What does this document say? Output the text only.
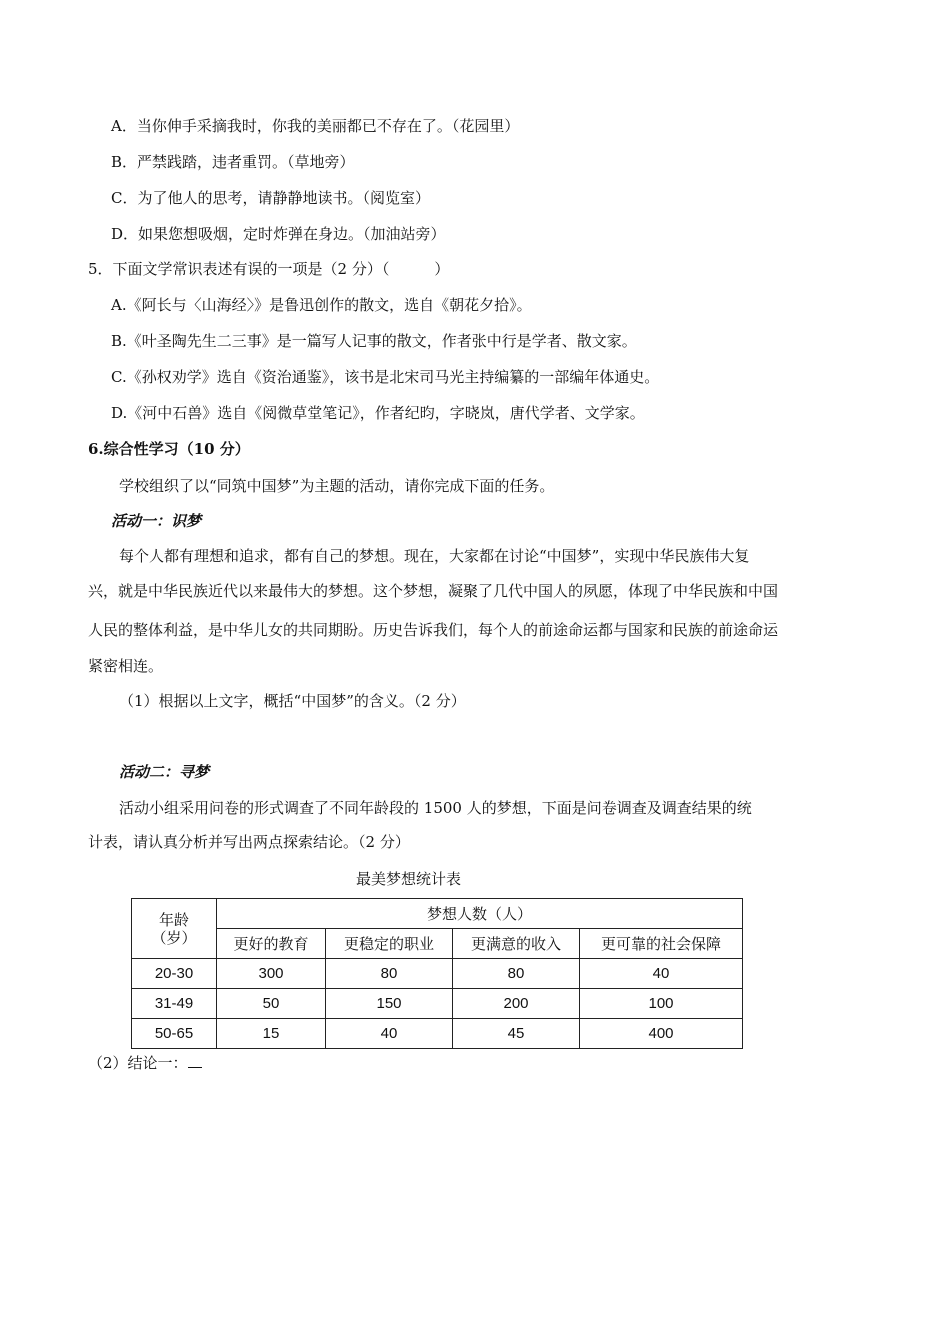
A．当你伸手采摘我时，你我的美丽都已不存在了。（花园里）
B．严禁践踏，违者重罚。（草地旁）
C．为了他人的思考，请静静地读书。（阅览室）
D．如果您想吸烟，定时炸弹在身边。（加油站旁）
5．下面文学常识表述有误的一项是（2 分）（　　　）
A.《阿长与〈山海经〉》是鲁迅创作的散文，选自《朝花夕拾》。
B.《叶圣陶先生二三事》是一篇写人记事的散文，作者张中行是学者、散文家。
C.《孙权劝学》选自《资治通鉴》，该书是北宋司马光主持编纂的一部编年体通史。
D.《河中石兽》选自《阅微草堂笔记》，作者纪昀，字晓岚，唐代学者、文学家。
6.综合性学习（10 分）
学校组织了以“同筑中国梦”为主题的活动，请你完成下面的任务。
活动一：识梦
每个人都有理想和追求，都有自己的梦想。现在，大家都在讨论“中国梦”，实现中华民族伟大复
兴，就是中华民族近代以来最伟大的梦想。这个梦想，凝聚了几代中国人的夙愿，体现了中华民族和中国
人民的整体利益，是中华儿女的共同期盼。历史告诉我们，每个人的前途命运都与国家和民族的前途命运
紧密相连。
（1）根据以上文字，概括“中国梦”的含义。（2 分）
活动二：寻梦
活动小组采用问卷的形式调查了不同年龄段的 1500 人的梦想，下面是问卷调查及调查结果的统
计表，请认真分析并写出两点探索结论。（2 分）
最美梦想统计表
年龄
（岁）	梦想人数（人）			
	更好的教育	更稳定的职业	更满意的收入	更可靠的社会保障
20-30	300	80	80	40
31-49	50	150	200	100
50-65	15	40	45	400
（2）结论一：
